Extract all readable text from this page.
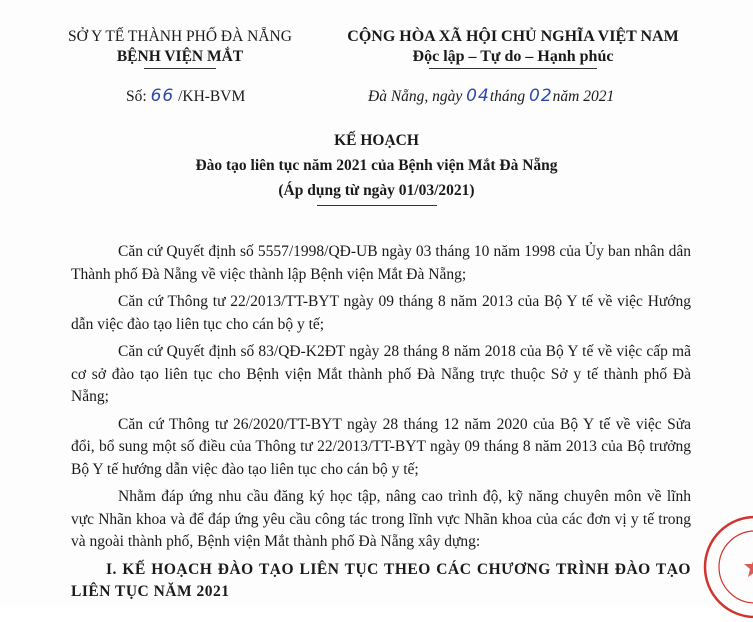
SỞ Y TẾ THÀNH PHỐ ĐÀ NẴNG
BỆNH VIỆN MẮT
CỘNG HÒA XÃ HỘI CHỦ NGHĨA VIỆT NAM
Độc lập – Tự do – Hạnh phúc
Số: 66 /KH-BVM	Đà Nẵng, ngày 04tháng 02năm 2021
KẾ HOẠCH
Đào tạo liên tục năm 2021 của Bệnh viện Mắt Đà Nẵng
(Áp dụng từ ngày 01/03/2021)

Căn cứ Quyết định số 5557/1998/QĐ-UB ngày 03 tháng 10 năm 1998 của Ủy ban nhân dân Thành phố Đà Nẵng về việc thành lập Bệnh viện Mắt Đà Nẵng;

Căn cứ Thông tư 22/2013/TT-BYT ngày 09 tháng 8 năm 2013 của Bộ Y tế về việc Hướng dẫn việc đào tạo liên tục cho cán bộ y tế;

Căn cứ Quyết định số 83/QĐ-K2ĐT ngày 28 tháng 8 năm 2018 của Bộ Y tế về việc cấp mã cơ sở đào tạo liên tục cho Bệnh viện Mắt thành phố Đà Nẵng trực thuộc Sở y tế thành phố Đà Nẵng;

Căn cứ Thông tư 26/2020/TT-BYT ngày 28 tháng 12 năm 2020 của Bộ Y tế về việc Sửa đổi, bổ sung một số điều của Thông tư 22/2013/TT-BYT ngày 09 tháng 8 năm 2013 của Bộ trưởng Bộ Y tế hướng dẫn việc đào tạo liên tục cho cán bộ y tế;

Nhằm đáp ứng nhu cầu đăng ký học tập, nâng cao trình độ, kỹ năng chuyên môn về lĩnh vực Nhãn khoa và để đáp ứng yêu cầu công tác trong lĩnh vực Nhãn khoa của các đơn vị y tế trong và ngoài thành phố, Bệnh viện Mắt thành phố Đà Nẵng xây dựng:

I. KẾ HOẠCH ĐÀO TẠO LIÊN TỤC THEO CÁC CHƯƠNG TRÌNH ĐÀO TẠO LIÊN TỤC NĂM 2021
